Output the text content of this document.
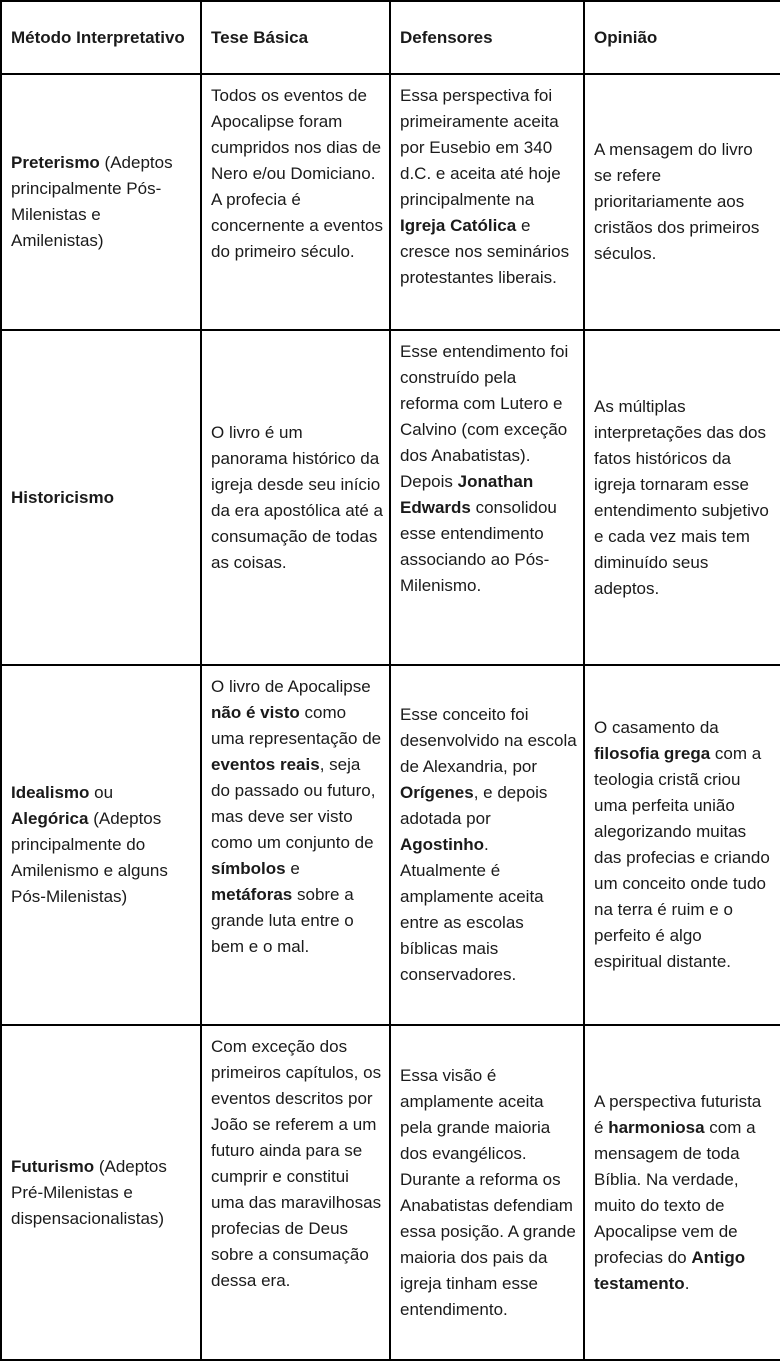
Método Interpretativo	Tese Básica	Defensores	Opinião
Preterismo (Adeptos principalmente Pós-Milenistas e Amilenistas)	Todos os eventos de Apocalipse foram cumpridos nos dias de Nero e/ou Domiciano. A profecia é concernente a eventos do primeiro século.	Essa perspectiva foi primeiramente aceita por Eusebio em 340 d.C. e aceita até hoje principalmente na Igreja Católica e cresce nos seminários protestantes liberais.	A mensagem do livro se refere prioritariamente aos cristãos dos primeiros séculos.
Historicismo	O livro é um panorama histórico da igreja desde seu início da era apostólica até a consumação de todas as coisas.	Esse entendimento foi construído pela reforma com Lutero e Calvino (com exceção dos Anabatistas). Depois Jonathan Edwards consolidou esse entendimento associando ao Pós-Milenismo.	As múltiplas interpretações das dos fatos históricos da igreja tornaram esse entendimento subjetivo e cada vez mais tem diminuído seus adeptos.
Idealismo ou Alegórica (Adeptos principalmente do Amilenismo e alguns Pós-Milenistas)	O livro de Apocalipse não é visto como uma representação de eventos reais, seja do passado ou futuro, mas deve ser visto como um conjunto de símbolos e metáforas sobre a grande luta entre o bem e o mal.	Esse conceito foi desenvolvido na escola de Alexandria, por Orígenes, e depois adotada por Agostinho. Atualmente é amplamente aceita entre as escolas bíblicas mais conservadores.	O casamento da filosofia grega com a teologia cristã criou uma perfeita união alegorizando muitas das profecias e criando um conceito onde tudo na terra é ruim e o perfeito é algo espiritual distante.
Futurismo (Adeptos Pré-Milenistas e dispensacionalistas)	Com exceção dos primeiros capítulos, os eventos descritos por João se referem a um futuro ainda para se cumprir e constitui uma das maravilhosas profecias de Deus sobre a consumação dessa era.	Essa visão é amplamente aceita pela grande maioria dos evangélicos. Durante a reforma os Anabatistas defendiam essa posição. A grande maioria dos pais da igreja tinham esse entendimento.	A perspectiva futurista é harmoniosa com a mensagem de toda Bíblia. Na verdade, muito do texto de Apocalipse vem de profecias do Antigo testamento.
